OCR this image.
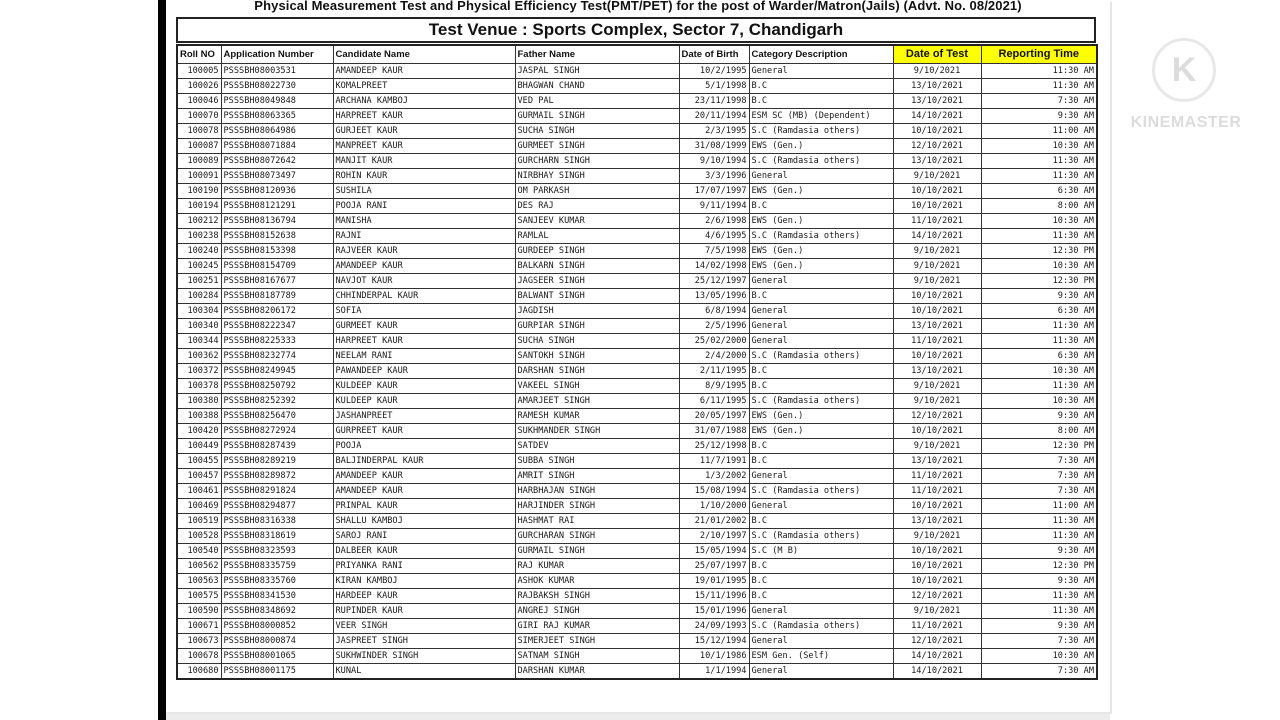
Physical Measurement Test and Physical Efficiency Test(PMT/PET) for the post of Warder/Matron(Jails) (Advt. No. 08/2021)
Test Venue : Sports Complex, Sector 7, Chandigarh
Roll NO	Application Number	Candidate Name	Father Name	Date of Birth	Category Description	Date of Test	Reporting Time
100005	PSSSBH08003531	AMANDEEP KAUR	JASPAL SINGH	10/2/1995	General	9/10/2021	11:30 AM
100026	PSSSBH08022730	KOMALPREET	BHAGWAN CHAND	5/1/1998	B.C	13/10/2021	11:30 AM
100046	PSSSBH08049848	ARCHANA KAMBOJ	VED PAL	23/11/1998	B.C	13/10/2021	7:30 AM
100070	PSSSBH08063365	HARPREET KAUR	GURMAIL SINGH	20/11/1994	ESM SC (MB) (Dependent)	14/10/2021	9:30 AM
100078	PSSSBH08064986	GURJEET KAUR	SUCHA SINGH	2/3/1995	S.C (Ramdasia others)	10/10/2021	11:00 AM
100087	PSSSBH08071884	MANPREET KAUR	GURMEET SINGH	31/08/1999	EWS (Gen.)	12/10/2021	10:30 AM
100089	PSSSBH08072642	MANJIT KAUR	GURCHARN SINGH	9/10/1994	S.C (Ramdasia others)	13/10/2021	11:30 AM
100091	PSSSBH08073497	ROHIN KAUR	NIRBHAY SINGH	3/3/1996	General	9/10/2021	11:30 AM
100190	PSSSBH08120936	SUSHILA	OM PARKASH	17/07/1997	EWS (Gen.)	10/10/2021	6:30 AM
100194	PSSSBH08121291	POOJA RANI	DES RAJ	9/11/1994	B.C	10/10/2021	8:00 AM
100212	PSSSBH08136794	MANISHA	SANJEEV KUMAR	2/6/1998	EWS (Gen.)	11/10/2021	10:30 AM
100238	PSSSBH08152638	RAJNI	RAMLAL	4/6/1995	S.C (Ramdasia others)	14/10/2021	11:30 AM
100240	PSSSBH08153398	RAJVEER KAUR	GURDEEP SINGH	7/5/1998	EWS (Gen.)	9/10/2021	12:30 PM
100245	PSSSBH08154709	AMANDEEP KAUR	BALKARN SINGH	14/02/1998	EWS (Gen.)	9/10/2021	10:30 AM
100251	PSSSBH08167677	NAVJOT KAUR	JAGSEER SINGH	25/12/1997	General	9/10/2021	12:30 PM
100284	PSSSBH08187789	CHHINDERPAL KAUR	BALWANT SINGH	13/05/1996	B.C	10/10/2021	9:30 AM
100304	PSSSBH08206172	SOFIA	JAGDISH	6/8/1994	General	10/10/2021	6:30 AM
100340	PSSSBH08222347	GURMEET KAUR	GURPIAR SINGH	2/5/1996	General	13/10/2021	11:30 AM
100344	PSSSBH08225333	HARPREET KAUR	SUCHA SINGH	25/02/2000	General	11/10/2021	11:30 AM
100362	PSSSBH08232774	NEELAM RANI	SANTOKH SINGH	2/4/2000	S.C (Ramdasia others)	10/10/2021	6:30 AM
100372	PSSSBH08249945	PAWANDEEP KAUR	DARSHAN SINGH	2/11/1995	B.C	13/10/2021	10:30 AM
100378	PSSSBH08250792	KULDEEP KAUR	VAKEEL SINGH	8/9/1995	B.C	9/10/2021	11:30 AM
100380	PSSSBH08252392	KULDEEP KAUR	AMARJEET SINGH	6/11/1995	S.C (Ramdasia others)	9/10/2021	10:30 AM
100388	PSSSBH08256470	JASHANPREET	RAMESH KUMAR	20/05/1997	EWS (Gen.)	12/10/2021	9:30 AM
100420	PSSSBH08272924	GURPREET KAUR	SUKHMANDER SINGH	31/07/1988	EWS (Gen.)	10/10/2021	8:00 AM
100449	PSSSBH08287439	POOJA	SATDEV	25/12/1998	B.C	9/10/2021	12:30 PM
100455	PSSSBH08289219	BALJINDERPAL KAUR	SUBBA SINGH	11/7/1991	B.C	13/10/2021	7:30 AM
100457	PSSSBH08289872	AMANDEEP KAUR	AMRIT SINGH	1/3/2002	General	11/10/2021	7:30 AM
100461	PSSSBH08291824	AMANDEEP KAUR	HARBHAJAN SINGH	15/08/1994	S.C (Ramdasia others)	11/10/2021	7:30 AM
100469	PSSSBH08294877	PRINPAL KAUR	HARJINDER SINGH	1/10/2000	General	10/10/2021	11:00 AM
100519	PSSSBH08316338	SHALLU KAMBOJ	HASHMAT RAI	21/01/2002	B.C	13/10/2021	11:30 AM
100528	PSSSBH08318619	SAROJ RANI	GURCHARAN SINGH	2/10/1997	S.C (Ramdasia others)	9/10/2021	11:30 AM
100540	PSSSBH08323593	DALBEER KAUR	GURMAIL SINGH	15/05/1994	S.C (M B)	10/10/2021	9:30 AM
100562	PSSSBH08335759	PRIYANKA RANI	RAJ KUMAR	25/07/1997	B.C	10/10/2021	12:30 PM
100563	PSSSBH08335760	KIRAN KAMBOJ	ASHOK KUMAR	19/01/1995	B.C	10/10/2021	9:30 AM
100575	PSSSBH08341530	HARDEEP KAUR	RAJBAKSH SINGH	15/11/1996	B.C	12/10/2021	11:30 AM
100590	PSSSBH08348692	RUPINDER KAUR	ANGREJ SINGH	15/01/1996	General	9/10/2021	11:30 AM
100671	PSSSBH08000852	VEER SINGH	GIRI RAJ KUMAR	24/09/1993	S.C (Ramdasia others)	11/10/2021	9:30 AM
100673	PSSSBH08000874	JASPREET SINGH	SIMERJEET SINGH	15/12/1994	General	12/10/2021	7:30 AM
100678	PSSSBH08001065	SUKHWINDER SINGH	SATNAM SINGH	10/1/1986	ESM Gen. (Self)	14/10/2021	10:30 AM
100680	PSSSBH08001175	KUNAL	DARSHAN KUMAR	1/1/1994	General	14/10/2021	7:30 AM
K
KINEMASTER
